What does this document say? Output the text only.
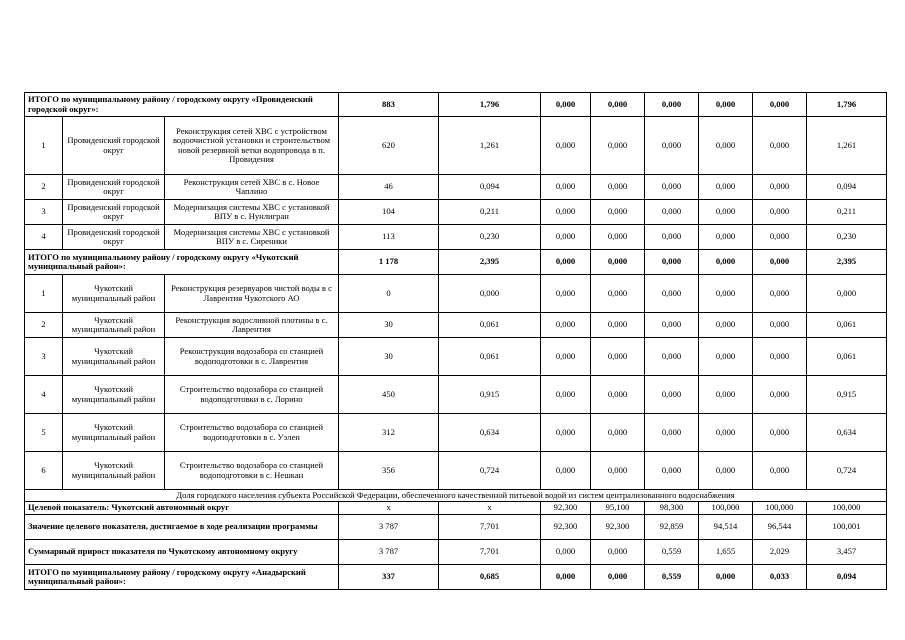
ИТОГО по муниципальному району / городскому округу «Провиденский городской округ»:			883	1,796	0,000	0,000	0,000	0,000	0,000	1,796
1	Провиденский городской округ	Реконструкция сетей ХВС с устройством водоочистной установки и строительством новой резервной ветки водопровода в п. Провидения	620	1,261	0,000	0,000	0,000	0,000	0,000	1,261
2	Провиденский городской округ	Реконструкция сетей ХВС в с. Новое Чаплино	46	0,094	0,000	0,000	0,000	0,000	0,000	0,094
3	Провиденский городской округ	Модернизация системы ХВС с установкой ВПУ в с. Нунлигран	104	0,211	0,000	0,000	0,000	0,000	0,000	0,211
4	Провиденский городской округ	Модернизация системы ХВС с установкой ВПУ в с. Сиреники	113	0,230	0,000	0,000	0,000	0,000	0,000	0,230
ИТОГО по муниципальному району / городскому округу «Чукотский муниципальный район»:			1 178	2,395	0,000	0,000	0,000	0,000	0,000	2,395
1	Чукотский муниципальный район	Реконструкция резервуаров чистой воды в с Лаврентия Чукотского АО	0	0,000	0,000	0,000	0,000	0,000	0,000	0,000
2	Чукотский муниципальный район	Реконструкция водосливной плотины в с. Лаврентия	30	0,061	0,000	0,000	0,000	0,000	0,000	0,061
3	Чукотский муниципальный район	Реконструкция водозабора со станцией водоподготовки в с. Лаврентия	30	0,061	0,000	0,000	0,000	0,000	0,000	0,061
4	Чукотский муниципальный район	Строительство водозабора со станцией водоподготовки в с. Лорино	450	0,915	0,000	0,000	0,000	0,000	0,000	0,915
5	Чукотский муниципальный район	Строительство водозабора со станцией водоподготовки в с. Уэлен	312	0,634	0,000	0,000	0,000	0,000	0,000	0,634
6	Чукотский муниципальный район	Строительство водозабора со станцией водоподготовки в с. Нешкан	356	0,724	0,000	0,000	0,000	0,000	0,000	0,724
Доля городского населения субъекта Российской Федерации, обеспеченного качественной питьевой водой из систем централизованного водоснабжения										
Целевой показатель: Чукотский автономный округ			х	х	92,300	95,100	98,300	100,000	100,000	100,000
Значение целевого показателя, достигаемое в ходе реализации программы			3 787	7,701	92,300	92,300	92,859	94,514	96,544	100,001
Суммарный прирост показателя по Чукотскому автономному округу			3 787	7,701	0,000	0,000	0,559	1,655	2,029	3,457
ИТОГО по муниципальному району / городскому округу «Анадырский муниципальный район»:			337	0,685	0,000	0,000	0,559	0,000	0,033	0,094
